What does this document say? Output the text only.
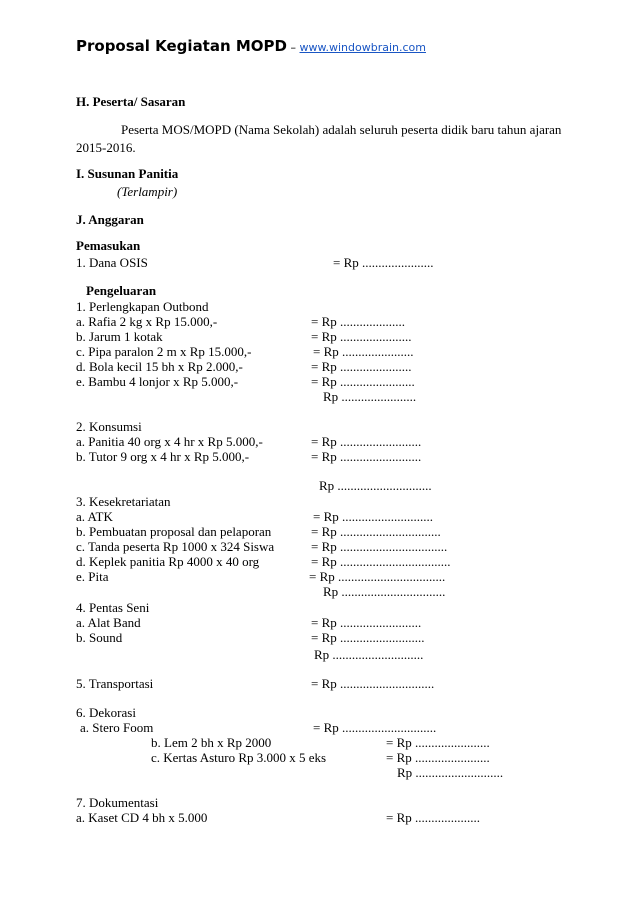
Proposal Kegiatan MOPD – www.windowbrain.com
H. Peserta/ Sasaran
Peserta MOS/MOPD (Nama Sekolah) adalah seluruh peserta didik baru tahun ajaran
2015-2016.
I. Susunan Panitia
(Terlampir)
J. Anggaran
Pemasukan
1. Dana OSIS	= Rp ......................
Pengeluaran
1. Perlengkapan Outbond
a. Rafia 2 kg x Rp 15.000,-	= Rp ....................
b. Jarum 1 kotak	= Rp ......................
c. Pipa paralon 2 m x Rp 15.000,-	= Rp ......................
d. Bola kecil 15 bh x Rp 2.000,-	= Rp ......................
e. Bambu 4 lonjor x Rp 5.000,-	= Rp .......................
Rp .......................
2. Konsumsi
a. Panitia 40 org x 4 hr x Rp 5.000,-	= Rp .........................
b. Tutor 9 org x 4 hr x Rp 5.000,-	= Rp .........................
Rp .............................
3. Kesekretariatan
a. ATK	= Rp ............................
b. Pembuatan proposal dan pelaporan	= Rp ...............................
c. Tanda peserta Rp 1000 x 324 Siswa	= Rp .................................
d. Keplek panitia Rp 4000 x 40 org	= Rp ..................................
e. Pita	= Rp .................................
Rp ................................
4. Pentas Seni
a. Alat Band	= Rp .........................
b. Sound	= Rp ..........................
Rp ............................
5. Transportasi	= Rp .............................
6. Dekorasi
a. Stero Foom	= Rp .............................
b. Lem 2 bh x Rp 2000	= Rp .......................
c. Kertas Asturo Rp 3.000 x 5 eks	= Rp .......................
Rp ...........................
7. Dokumentasi
a. Kaset CD 4 bh x 5.000	= Rp ....................
